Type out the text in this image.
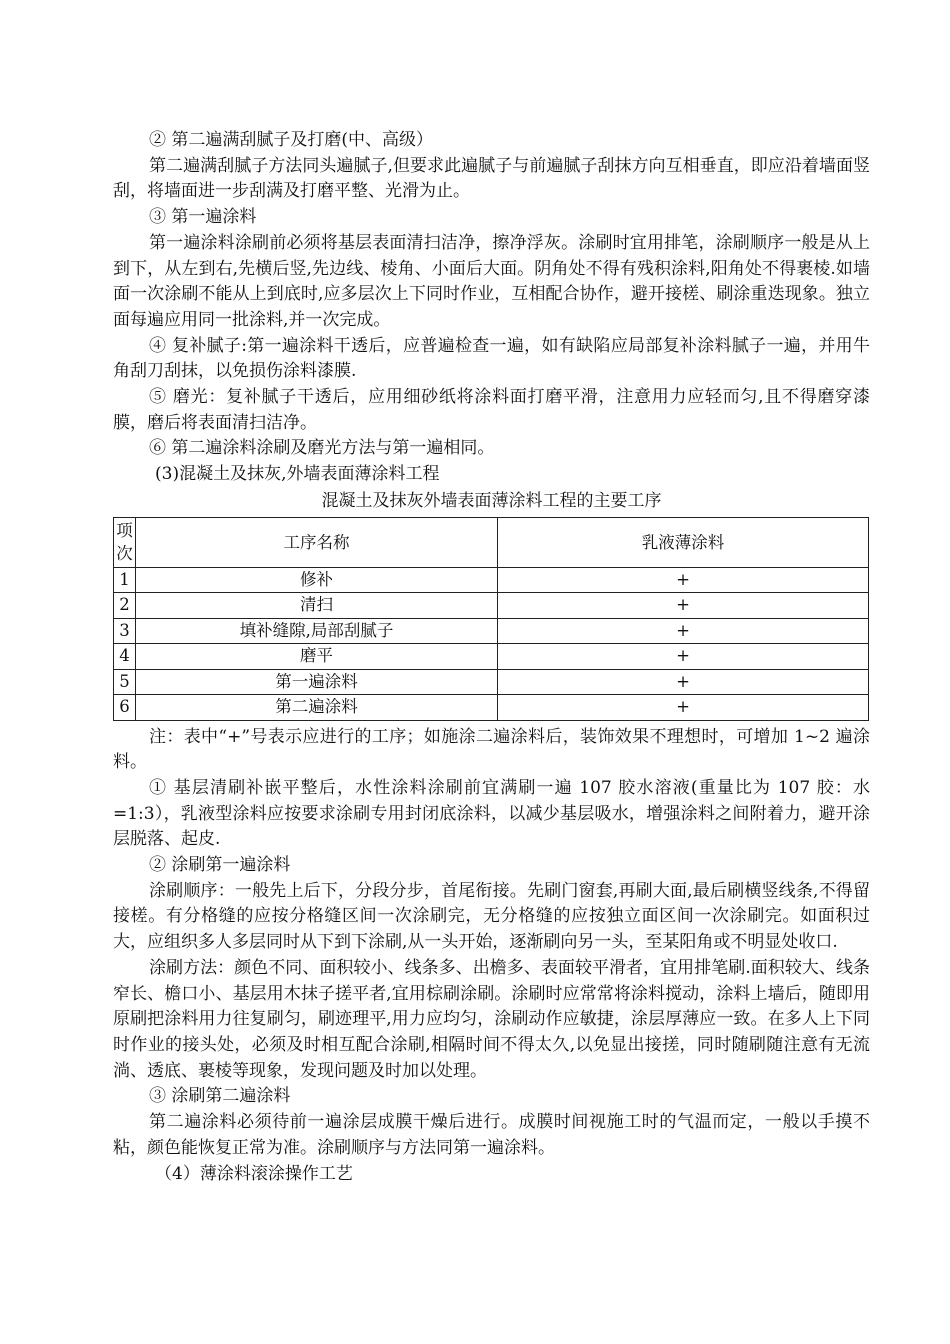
② 第二遍满刮腻子及打磨(中、高级）

第二遍满刮腻子方法同头遍腻子,但要求此遍腻子与前遍腻子刮抹方向互相垂直，即应沿着墙面竖刮，将墙面进一步刮满及打磨平整、光滑为止。

③ 第一遍涂料

第一遍涂料涂刷前必须将基层表面清扫洁净，擦净浮灰。涂刷时宜用排笔，涂刷顺序一般是从上到下，从左到右,先横后竖,先边线、棱角、小面后大面。阴角处不得有残积涂料,阳角处不得裹棱.如墙面一次涂刷不能从上到底时,应多层次上下同时作业，互相配合协作，避开接槎、刷涂重迭现象。独立面每遍应用同一批涂料,并一次完成。

④ 复补腻子:第一遍涂料干透后，应普遍检查一遍，如有缺陷应局部复补涂料腻子一遍，并用牛角刮刀刮抹，以免损伤涂料漆膜.

⑤ 磨光：复补腻子干透后，应用细砂纸将涂料面打磨平滑，注意用力应轻而匀,且不得磨穿漆膜，磨后将表面清扫洁净。

⑥ 第二遍涂料涂刷及磨光方法与第一遍相同。

(3)混凝土及抹灰,外墙表面薄涂料工程

混凝土及抹灰外墙表面薄涂料工程的主要工序

项次	工序名称	乳液薄涂料
1	修补	+
2	清扫	+
3	填补缝隙,局部刮腻子	+
4	磨平	+
5	第一遍涂料	+
6	第二遍涂料	+

注：表中“+”号表示应进行的工序；如施涂二遍涂料后，装饰效果不理想时，可增加 1~2 遍涂料。

① 基层清刷补嵌平整后，水性涂料涂刷前宜满刷一遍 107 胶水溶液(重量比为 107 胶：水=1:3），乳液型涂料应按要求涂刷专用封闭底涂料，以减少基层吸水，增强涂料之间附着力，避开涂层脱落、起皮.

② 涂刷第一遍涂料

涂刷顺序：一般先上后下，分段分步，首尾衔接。先刷门窗套,再刷大面,最后刷横竖线条,不得留接槎。有分格缝的应按分格缝区间一次涂刷完，无分格缝的应按独立面区间一次涂刷完。如面积过大，应组织多人多层同时从下到下涂刷,从一头开始，逐渐刷向另一头，至某阳角或不明显处收口.

涂刷方法：颜色不同、面积较小、线条多、出檐多、表面较平滑者，宜用排笔刷.面积较大、线条窄长、檐口小、基层用木抹子搓平者,宜用棕刷涂刷。涂刷时应常常将涂料搅动，涂料上墙后，随即用原刷把涂料用力往复刷匀，刷迹理平,用力应均匀，涂刷动作应敏捷，涂层厚薄应一致。在多人上下同时作业的接头处，必须及时相互配合涂刷,相隔时间不得太久,以免显出接搓，同时随刷随注意有无流淌、透底、裹棱等现象，发现问题及时加以处理。

③ 涂刷第二遍涂料

第二遍涂料必须待前一遍涂层成膜干燥后进行。成膜时间视施工时的气温而定，一般以手摸不粘，颜色能恢复正常为准。涂刷顺序与方法同第一遍涂料。

（4）薄涂料滚涂操作工艺
